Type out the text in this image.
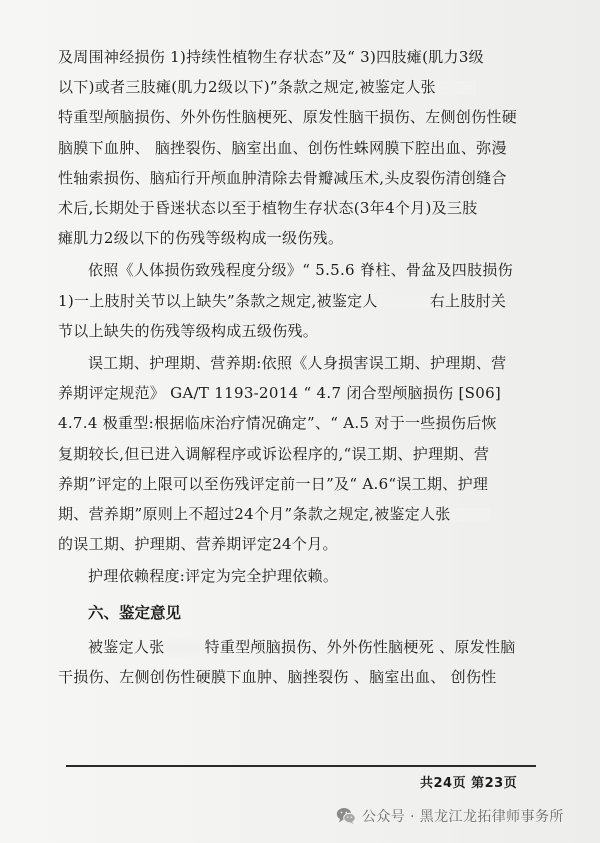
及周围神经损伤 1)持续性植物生存状态”及“ 3)四肢瘫(肌力3级
以下)或者三肢瘫(肌力2级以下)”条款之规定,被鉴定人张
特重型颅脑损伤、外外伤性脑梗死、原发性脑干损伤、左侧创伤性硬
脑膜下血肿、 脑挫裂伤、脑室出血、创伤性蛛网膜下腔出血、弥漫
性轴索损伤、脑疝行开颅血肿清除去骨瓣减压术,头皮裂伤清创缝合
术后,长期处于昏迷状态以至于植物生存状态(3年4个月)及三肢
瘫肌力2级以下的伤残等级构成一级伤残。

依照《人体损伤致残程度分级》“ 5.5.6 脊柱、骨盆及四肢损伤
1)一上肢肘关节以上缺失”条款之规定,被鉴定人	右上肢肘关
节以上缺失的伤残等级构成五级伤残。

误工期、护理期、营养期:依照《人身损害误工期、护理期、营
养期评定规范》 GA/T 1193-2014 “ 4.7 闭合型颅脑损伤 [S06]
4.7.4 极重型:根据临床治疗情况确定”、“ A.5 对于一些损伤后恢
复期较长,但已进入调解程序或诉讼程序的,“误工期、护理期、营
养期”评定的上限可以至伤残评定前一日”及“ A.6“误工期、护理
期、营养期”原则上不超过24个月”条款之规定,被鉴定人张
的误工期、护理期、营养期评定24个月。

护理依赖程度:评定为完全护理依赖。

六、鉴定意见

被鉴定人张	特重型颅脑损伤、外外伤性脑梗死 、原发性脑
干损伤、左侧创伤性硬膜下血肿、脑挫裂伤 、脑室出血、 创伤性

共24页 第23页
公众号 · 黑龙江龙拓律师事务所
